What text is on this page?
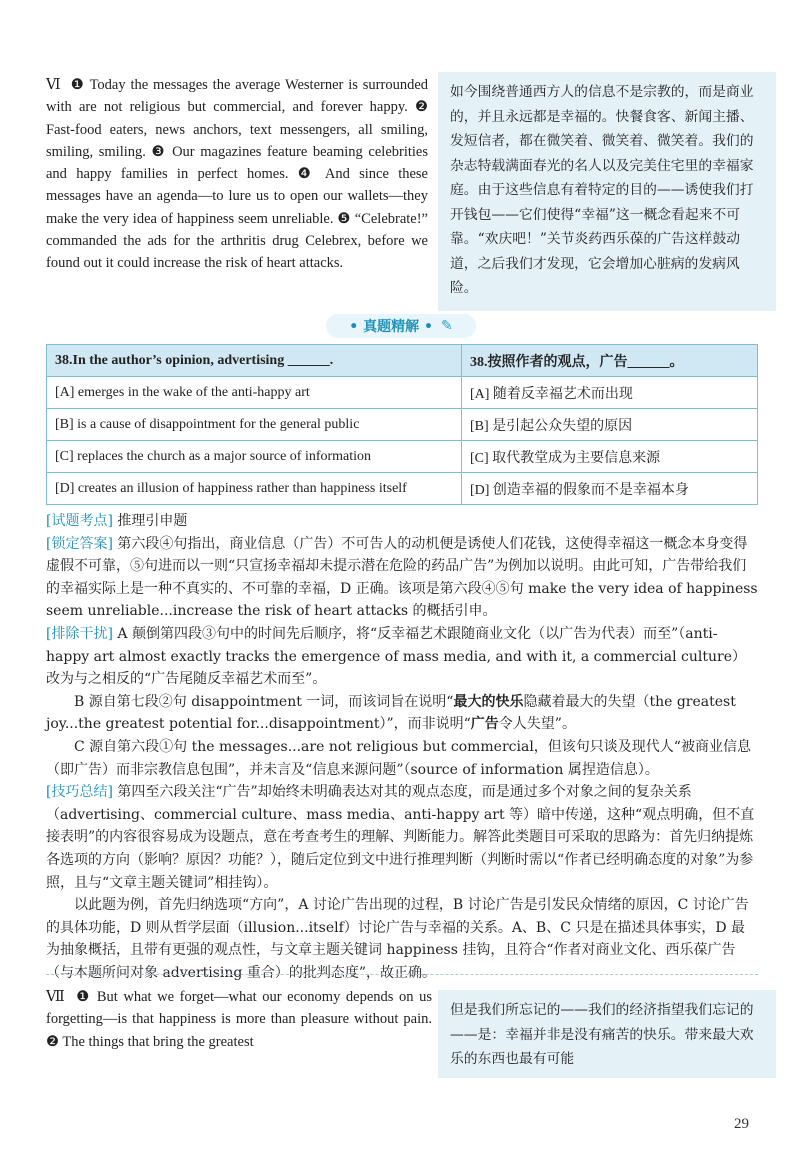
Ⅵ ❶ Today the messages the average Westerner is surrounded with are not religious but commercial, and forever happy. ❷ Fast-food eaters, news anchors, text messengers, all smiling, smiling, smiling. ❸ Our magazines feature beaming celebrities and happy families in perfect homes. ❹ And since these messages have an agenda—to lure us to open our wallets—they make the very idea of happiness seem unreliable. ❺ “Celebrate!” commanded the ads for the arthritis drug Celebrex, before we found out it could increase the risk of heart attacks.
如今围绕普通西方人的信息不是宗教的，而是商业的，并且永远都是幸福的。快餐食客、新闻主播、发短信者，都在微笑着、微笑着、微笑着。我们的杂志特载满面春光的名人以及完美住宅里的幸福家庭。由于这些信息有着特定的目的——诱使我们打开钱包——它们使得“幸福”这一概念看起来不可靠。“欢庆吧！”关节炎药西乐葆的广告这样鼓动道，之后我们才发现，它会增加心脏病的发病风险。
• 真题精解 • ✎
38.In the author’s opinion, advertising ______.	38.按照作者的观点，广告______。
[A] emerges in the wake of the anti-happy art	[A] 随着反幸福艺术而出现
[B] is a cause of disappointment for the general public	[B] 是引起公众失望的原因
[C] replaces the church as a major source of information	[C] 取代教堂成为主要信息来源
[D] creates an illusion of happiness rather than happiness itself	[D] 创造幸福的假象而不是幸福本身

[试题考点] 推理引申题

[锁定答案] 第六段④句指出，商业信息（广告）不可告人的动机便是诱使人们花钱，这使得幸福这一概念本身变得虚假不可靠，⑤句进而以一则“只宣扬幸福却未提示潜在危险的药品广告”为例加以说明。由此可知，广告带给我们的幸福实际上是一种不真实的、不可靠的幸福，D 正确。该项是第六段④⑤句 make the very idea of happiness seem unreliable...increase the risk of heart attacks 的概括引申。

[排除干扰] A 颠倒第四段③句中的时间先后顺序，将“反幸福艺术跟随商业文化（以广告为代表）而至”（anti-happy art almost exactly tracks the emergence of mass media, and with it, a commercial culture）改为与之相反的“广告尾随反幸福艺术而至”。

B 源自第七段②句 disappointment 一词，而该词旨在说明“最大的快乐隐藏着最大的失望（the greatest joy...the greatest potential for...disappointment）”，而非说明“广告令人失望”。

C 源自第六段①句 the messages...are not religious but commercial，但该句只谈及现代人“被商业信息（即广告）而非宗教信息包围”，并未言及“信息来源问题”（source of information 属捏造信息）。

[技巧总结] 第四至六段关注“广告”却始终未明确表达对其的观点态度，而是通过多个对象之间的复杂关系（advertising、commercial culture、mass media、anti-happy art 等）暗中传递，这种“观点明确，但不直接表明”的内容很容易成为设题点，意在考查考生的理解、判断能力。解答此类题目可采取的思路为：首先归纳提炼各选项的方向（影响？原因？功能？），随后定位到文中进行推理判断（判断时需以“作者已经明确态度的对象”为参照，且与“文章主题关键词”相挂钩）。

以此题为例，首先归纳选项“方向”，A 讨论广告出现的过程，B 讨论广告是引发民众情绪的原因，C 讨论广告的具体功能，D 则从哲学层面（illusion...itself）讨论广告与幸福的关系。A、B、C 只是在描述具体事实，D 最为抽象概括，且带有更强的观点性，与文章主题关键词 happiness 挂钩，且符合“作者对商业文化、西乐葆广告（与本题所问对象 advertising 重合）的批判态度”，故正确。

Ⅶ ❶ But what we forget—what our economy depends on us forgetting—is that happiness is more than pleasure without pain. ❷ The things that bring the greatest
但是我们所忘记的——我们的经济指望我们忘记的——是：幸福并非是没有痛苦的快乐。带来最大欢乐的东西也最有可能
29
